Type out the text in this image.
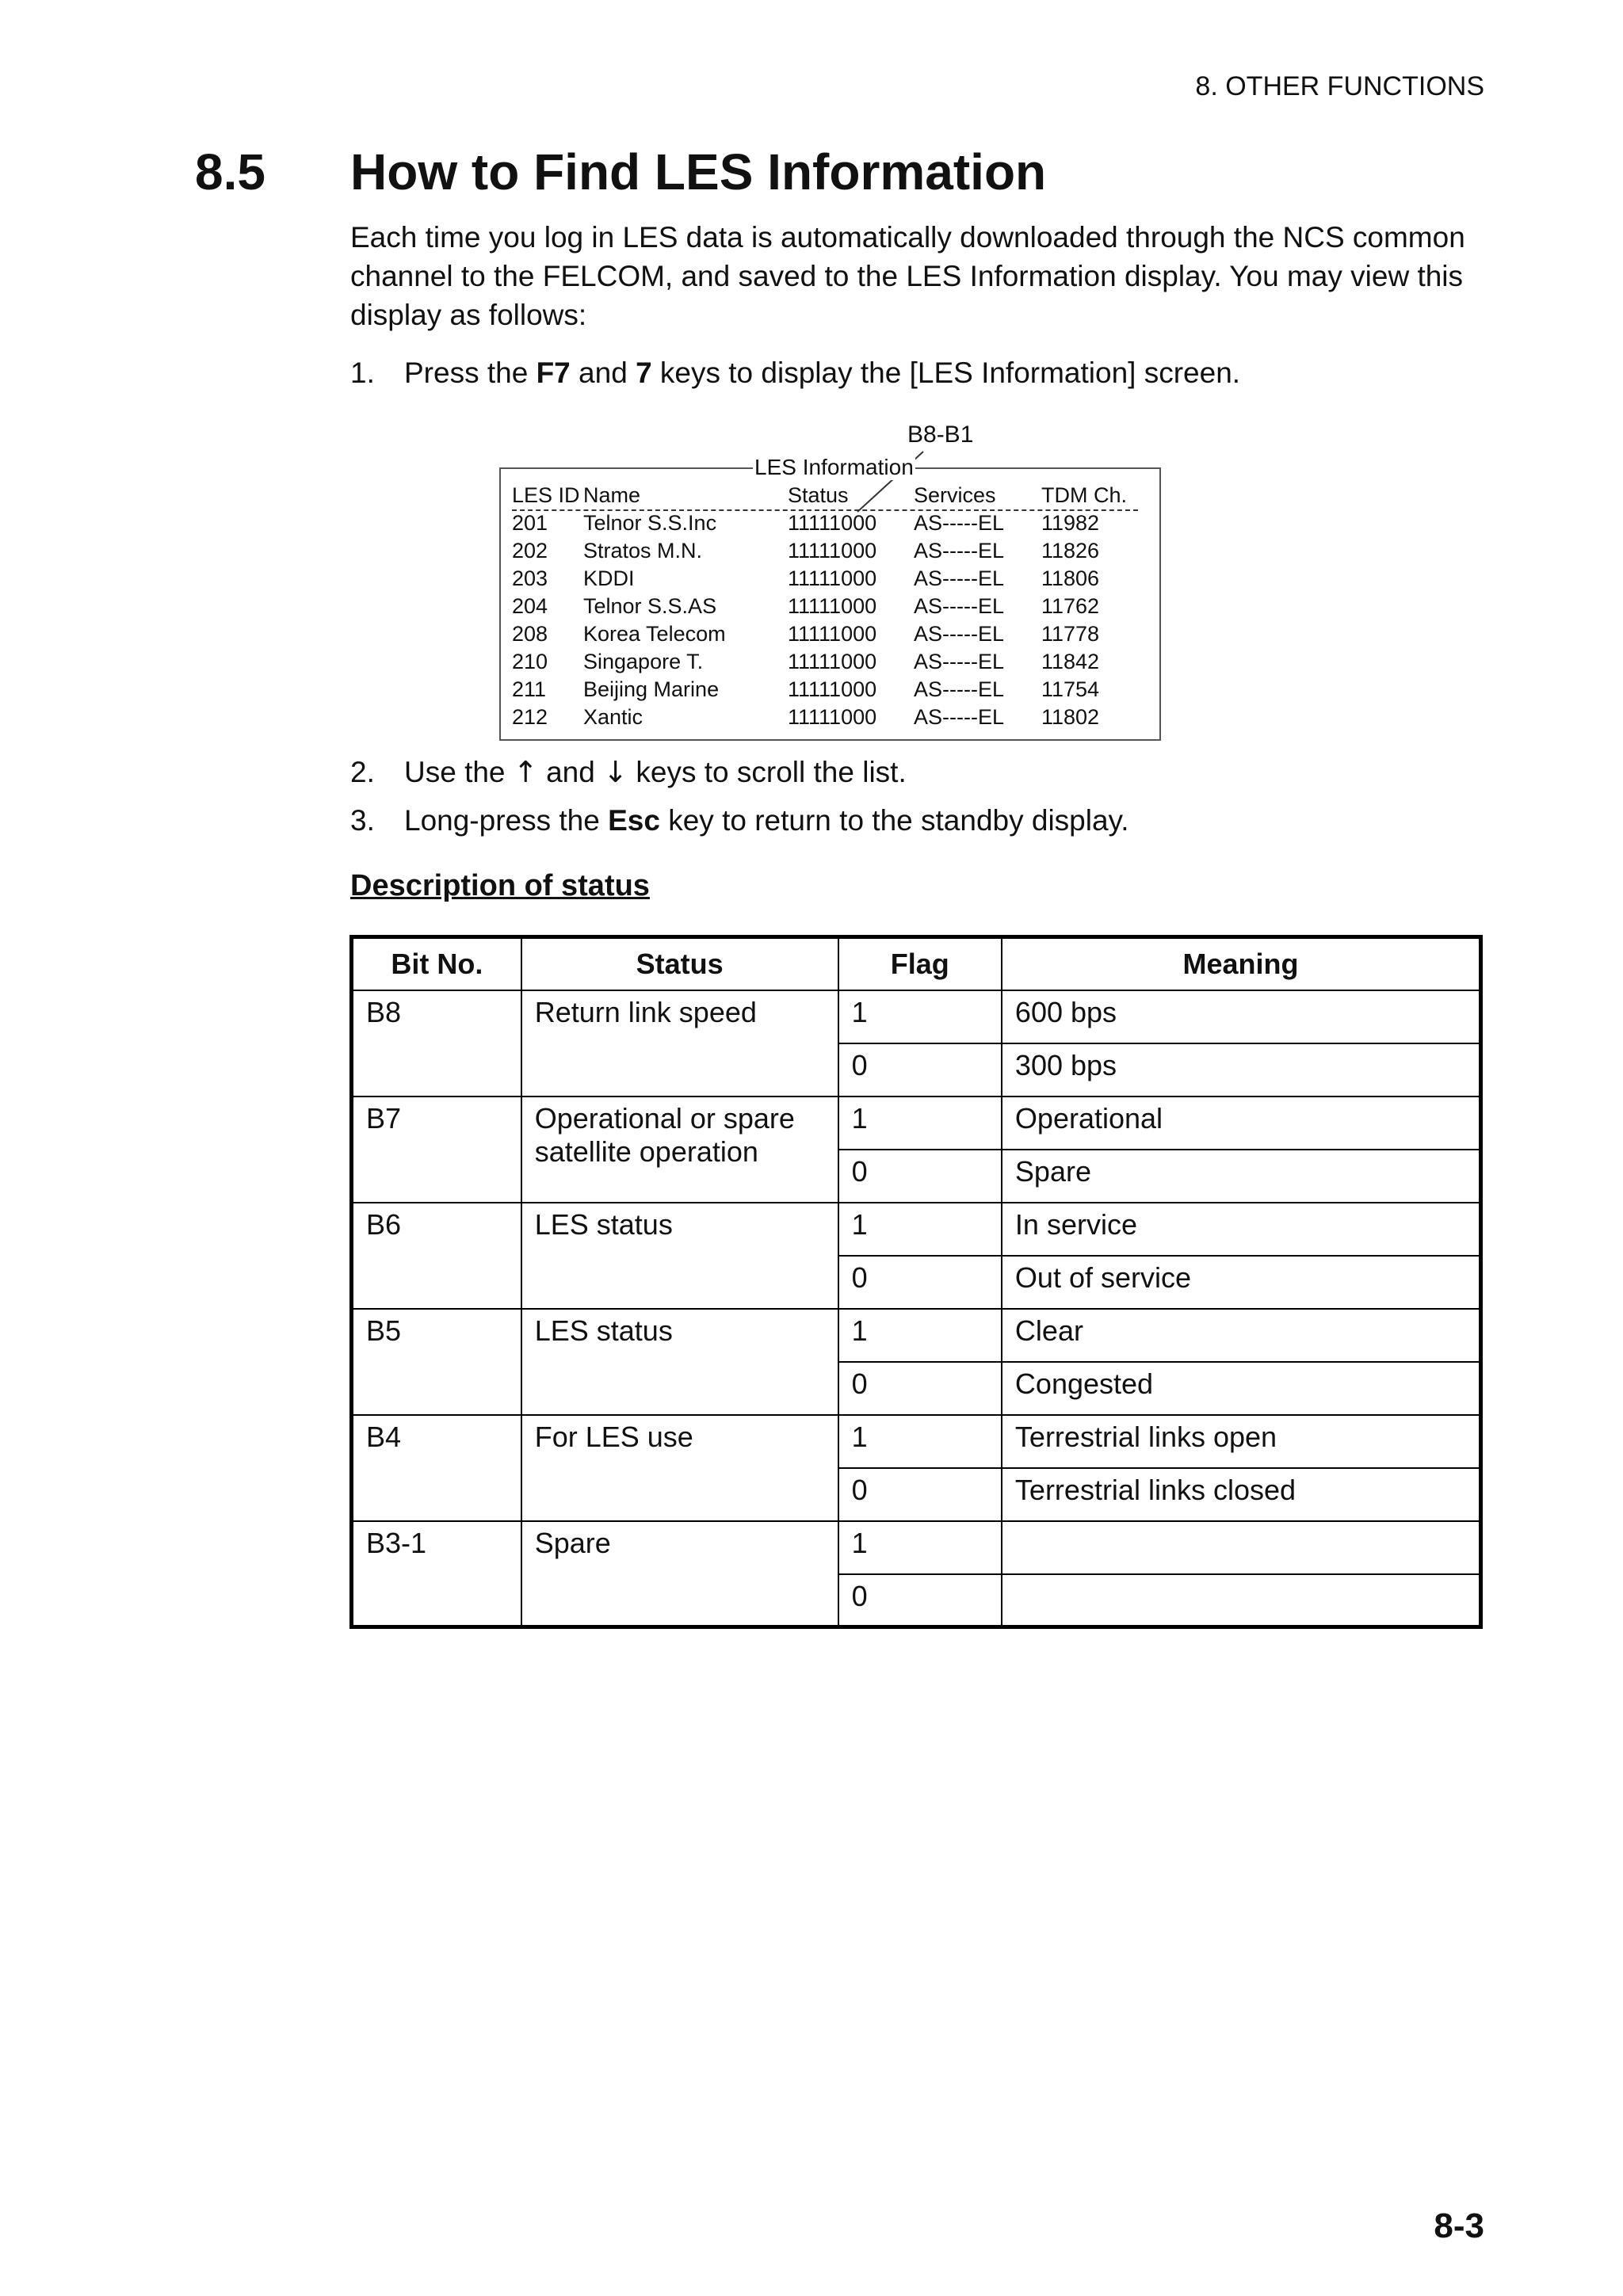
8. OTHER FUNCTIONS
8.5 How to Find LES Information
Each time you log in LES data is automatically downloaded through the NCS common channel to the FELCOM, and saved to the LES Information display. You may view this display as follows:
1. Press the F7 and 7 keys to display the [LES Information] screen.
B8-B1
LES Information
LES ID Name	Status	Services TDM Ch.
201 Telnor S.S.Inc	11111000 AS-----EL 11982
202 Stratos M.N.	11111000 AS-----EL 11826
203 KDDI	11111000 AS-----EL 11806
204 Telnor S.S.AS	11111000 AS-----EL 11762
208 Korea Telecom	11111000 AS-----EL 11778
210 Singapore T.	11111000 AS-----EL 11842
211 Beijing Marine	11111000 AS-----EL 11754
212 Xantic	11111000 AS-----EL 11802
2. Use the ↑ and ↓ keys to scroll the list.
3. Long-press the Esc key to return to the standby display.
Description of status
Bit No.	Status	Flag	Meaning
B8	Return link speed	1	600 bps
		0	300 bps
B7	Operational or spare satellite operation	1	Operational
		0	Spare
B6	LES status	1	In service
		0	Out of service
B5	LES status	1	Clear
		0	Congested
B4	For LES use	1	Terrestrial links open
		0	Terrestrial links closed
B3-1	Spare	1	
		0	
8-3
